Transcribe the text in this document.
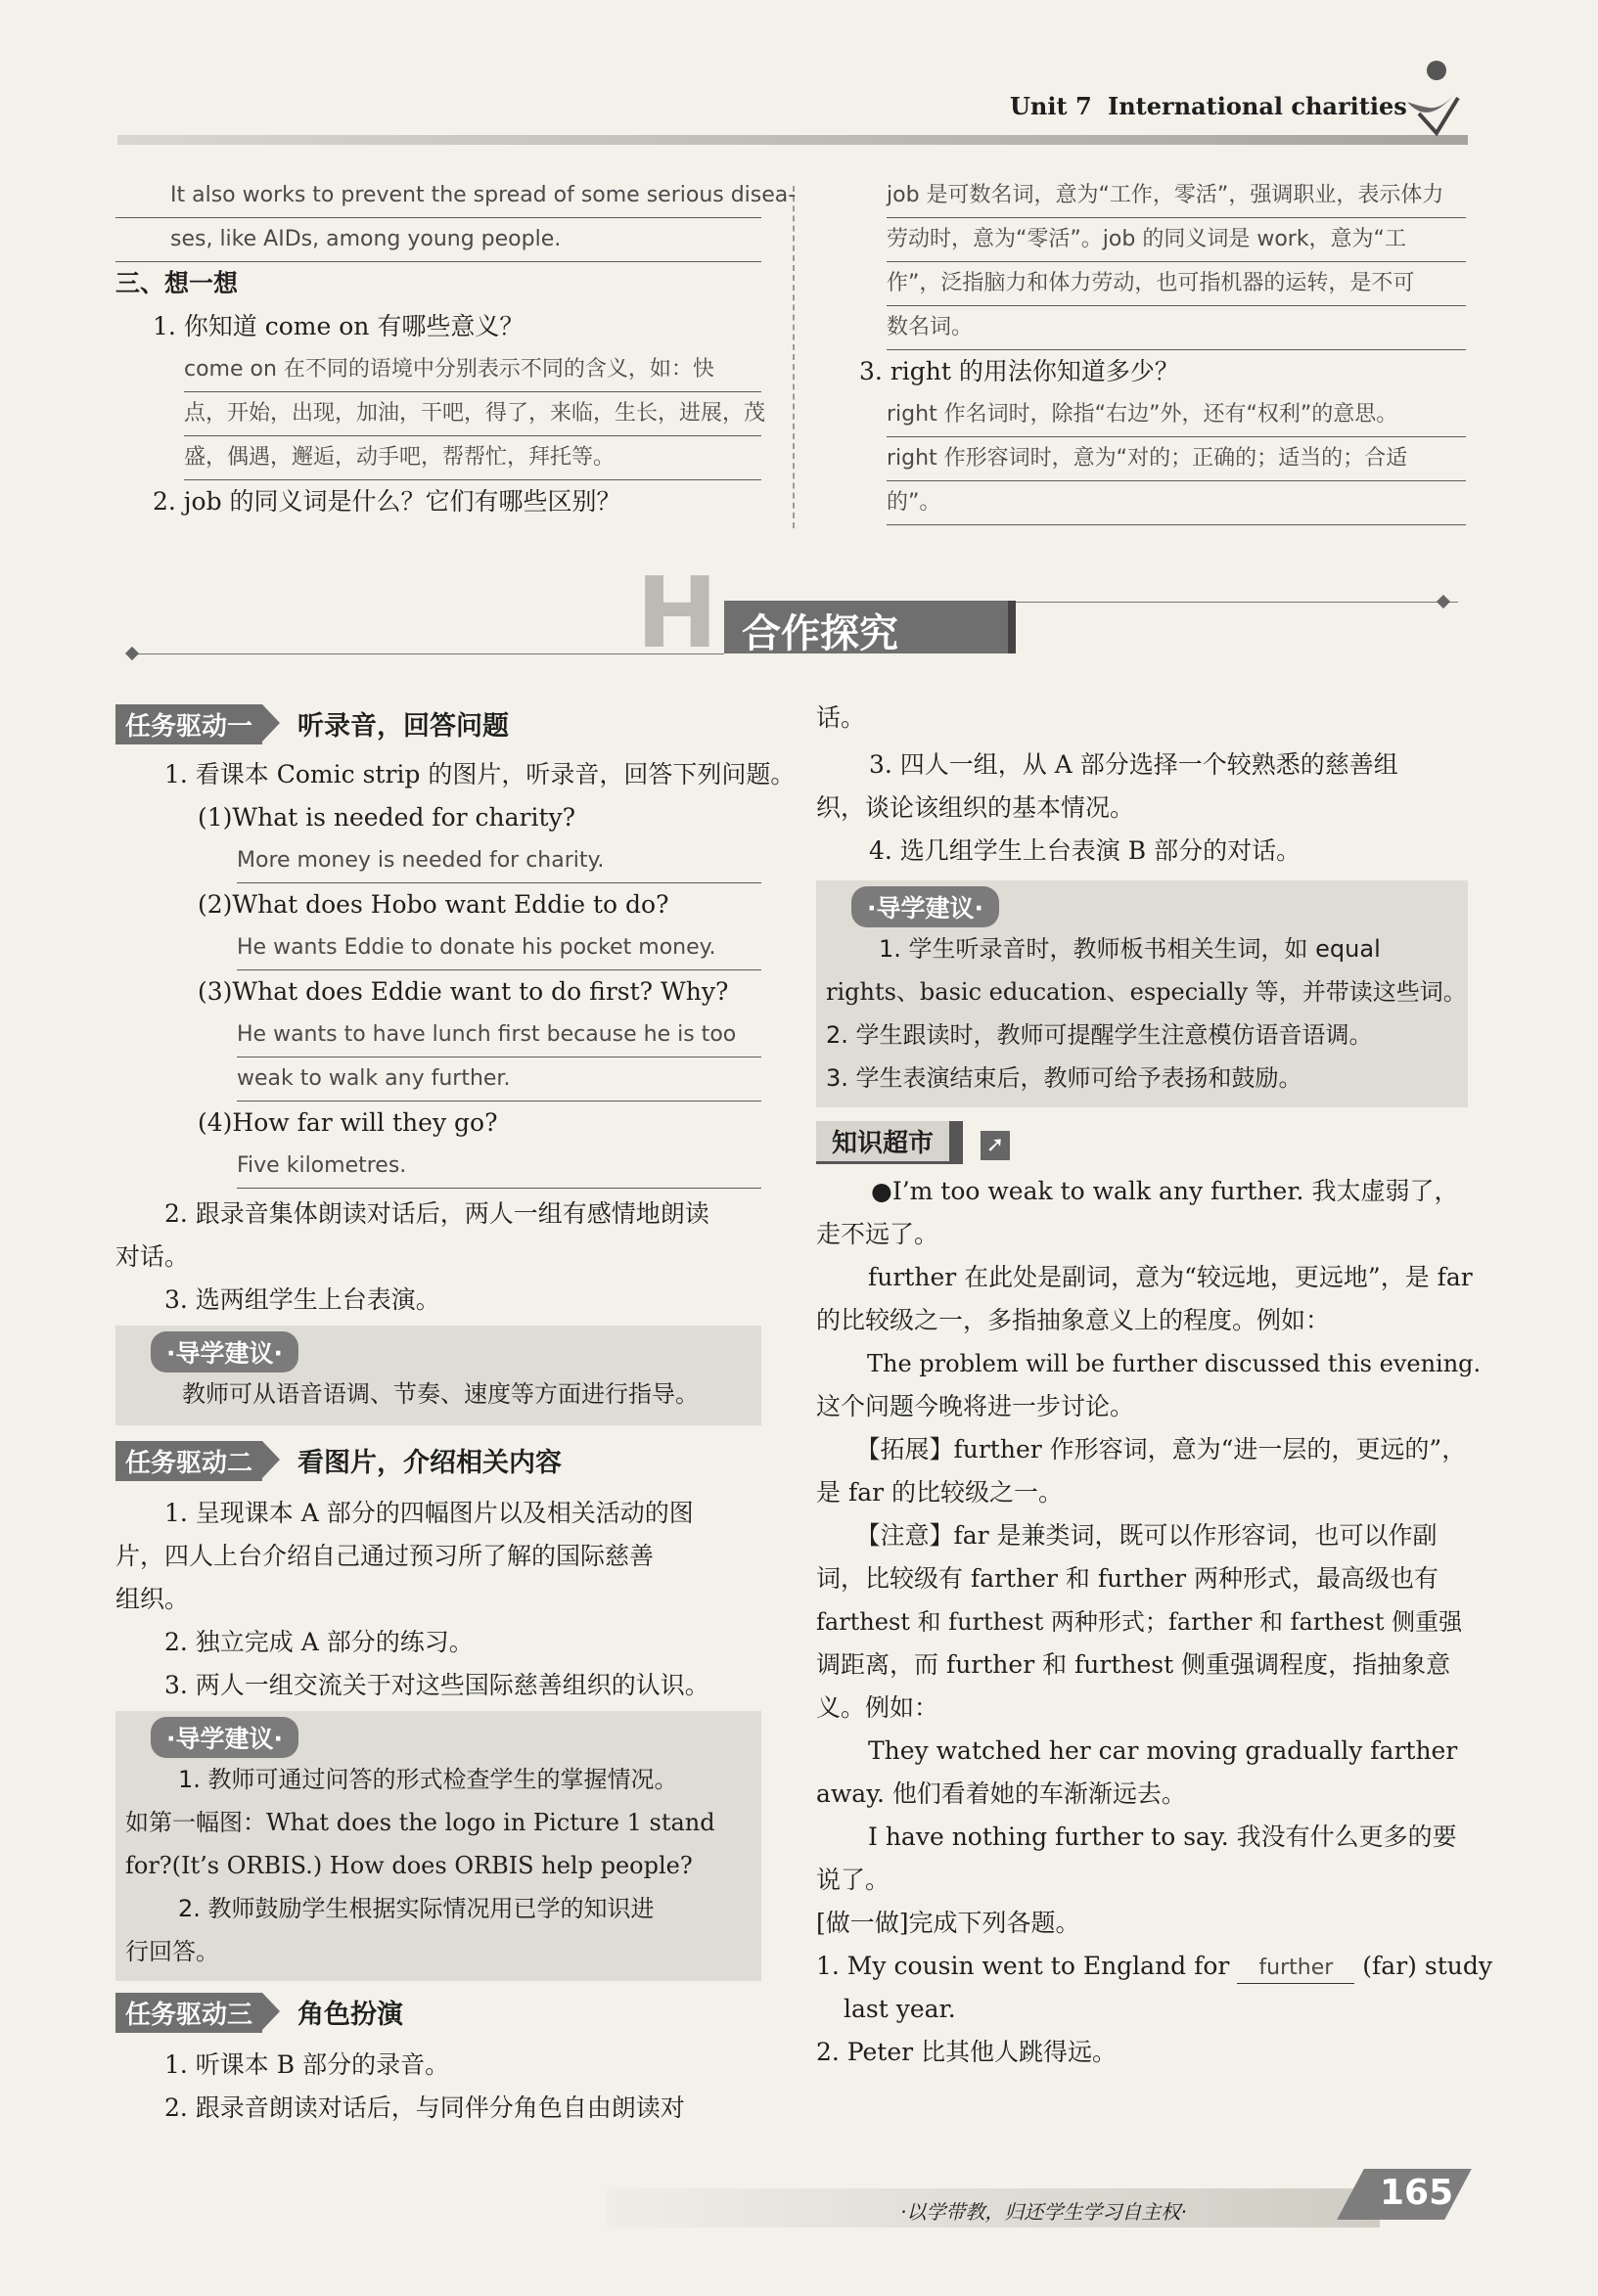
Unit 7 International charities
It also works to prevent the spread of some serious disea-
ses, like AIDs, among young people.
三、想一想
1. 你知道 come on 有哪些意义？
come on 在不同的语境中分别表示不同的含义，如：快
点，开始，出现，加油，干吧，得了，来临，生长，进展，茂
盛，偶遇，邂逅，动手吧，帮帮忙，拜托等。
2. job 的同义词是什么？它们有哪些区别？
job 是可数名词，意为“工作，零活”，强调职业，表示体力
劳动时，意为“零活”。job 的同义词是 work，意为“工
作”，泛指脑力和体力劳动，也可指机器的运转，是不可
数名词。
3. right 的用法你知道多少？
right 作名词时，除指“右边”外，还有“权利”的意思。
right 作形容词时，意为“对的；正确的；适当的；合适
的”。
H 合作探究
任务驱动一 听录音，回答问题
1. 看课本 Comic strip 的图片，听录音，回答下列问题。
(1)What is needed for charity?
More money is needed for charity.
(2)What does Hobo want Eddie to do?
He wants Eddie to donate his pocket money.
(3)What does Eddie want to do first? Why?
He wants to have lunch first because he is too
weak to walk any further.
(4)How far will they go?
Five kilometres.
2. 跟录音集体朗读对话后，两人一组有感情地朗读
对话。
3. 选两组学生上台表演。
·导学建议·
教师可从语音语调、节奏、速度等方面进行指导。
任务驱动二 看图片，介绍相关内容
1. 呈现课本 A 部分的四幅图片以及相关活动的图
片，四人上台介绍自己通过预习所了解的国际慈善
组织。
2. 独立完成 A 部分的练习。
3. 两人一组交流关于对这些国际慈善组织的认识。
·导学建议·
1. 教师可通过问答的形式检查学生的掌握情况。
如第一幅图：What does the logo in Picture 1 stand
for?(It’s ORBIS.) How does ORBIS help people?
2. 教师鼓励学生根据实际情况用已学的知识进
行回答。
任务驱动三 角色扮演
1. 听课本 B 部分的录音。
2. 跟录音朗读对话后，与同伴分角色自由朗读对
话。
3. 四人一组，从 A 部分选择一个较熟悉的慈善组
织，谈论该组织的基本情况。
4. 选几组学生上台表演 B 部分的对话。
·导学建议·
1. 学生听录音时，教师板书相关生词，如 equal
rights、basic education、especially 等，并带读这些词。
2. 学生跟读时，教师可提醒学生注意模仿语音语调。
3. 学生表演结束后，教师可给予表扬和鼓励。
知识超市 ➚
●I’m too weak to walk any further. 我太虚弱了，
走不远了。
　further 在此处是副词，意为“较远地，更远地”，是 far
的比较级之一，多指抽象意义上的程度。例如：
　The problem will be further discussed this evening.
这个问题今晚将进一步讨论。
　【拓展】further 作形容词，意为“进一层的，更远的”，
是 far 的比较级之一。
　【注意】far 是兼类词，既可以作形容词，也可以作副
词，比较级有 farther 和 further 两种形式，最高级也有
farthest 和 furthest 两种形式；farther 和 farthest 侧重强
调距离，而 further 和 furthest 侧重强调程度，指抽象意
义。例如：
　They watched her car moving gradually farther
away. 他们看着她的车渐渐远去。
　I have nothing further to say. 我没有什么更多的要
说了。
[做一做]完成下列各题。
1. My cousin went to England for further (far) study
last year.
2. Peter 比其他人跳得远。
·以学带教，归还学生学习自主权·	165
